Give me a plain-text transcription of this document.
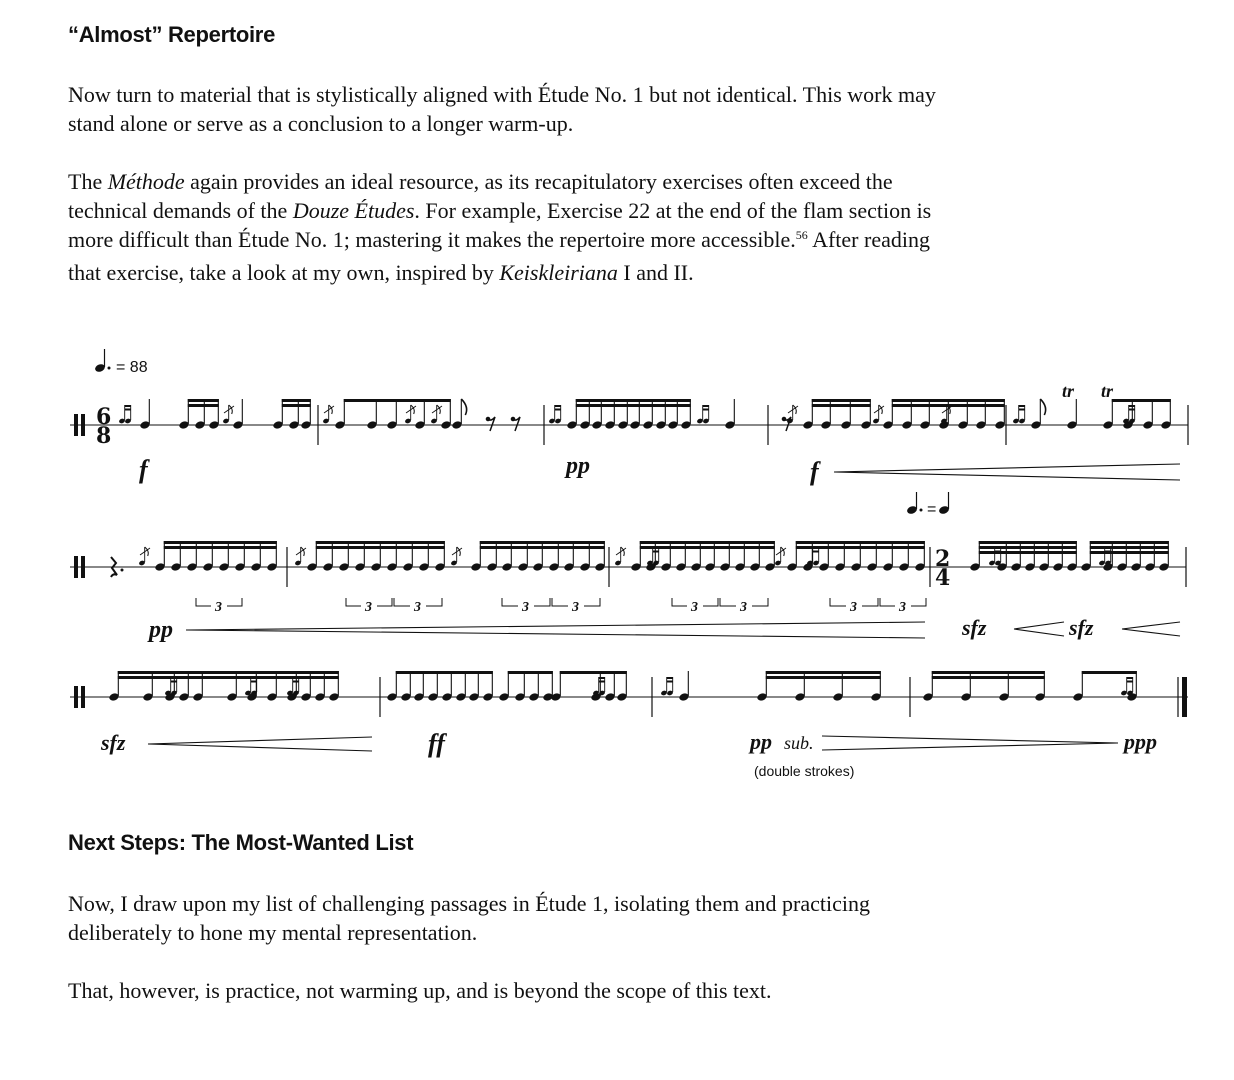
“Almost” Repertoire

Now turn to material that is stylistically aligned with Étude No. 1 but not identical. This work may stand alone or serve as a conclusion to a longer warm-up.

The Méthode again provides an ideal resource, as its recapitulatory exercises often exceed the technical demands of the Douze Études. For example, Exercise 22 at the end of the flam section is more difficult than Étude No. 1; mastering it makes the repertoire more accessible.$^{56}$ After reading that exercise, take a look at my own, inspired by Keiskleiriana I and II.

= 88
=
6
8
2
4
tr tr
3	3	3	3	3	3	3	3	3
f	pp	f
pp	sfz	sfz
sfz	ff	pp sub.	ppp
(double strokes)
Next Steps: The Most-Wanted List

Now, I draw upon my list of challenging passages in Étude 1, isolating them and practicing deliberately to hone my mental representation.

That, however, is practice, not warming up, and is beyond the scope of this text.
